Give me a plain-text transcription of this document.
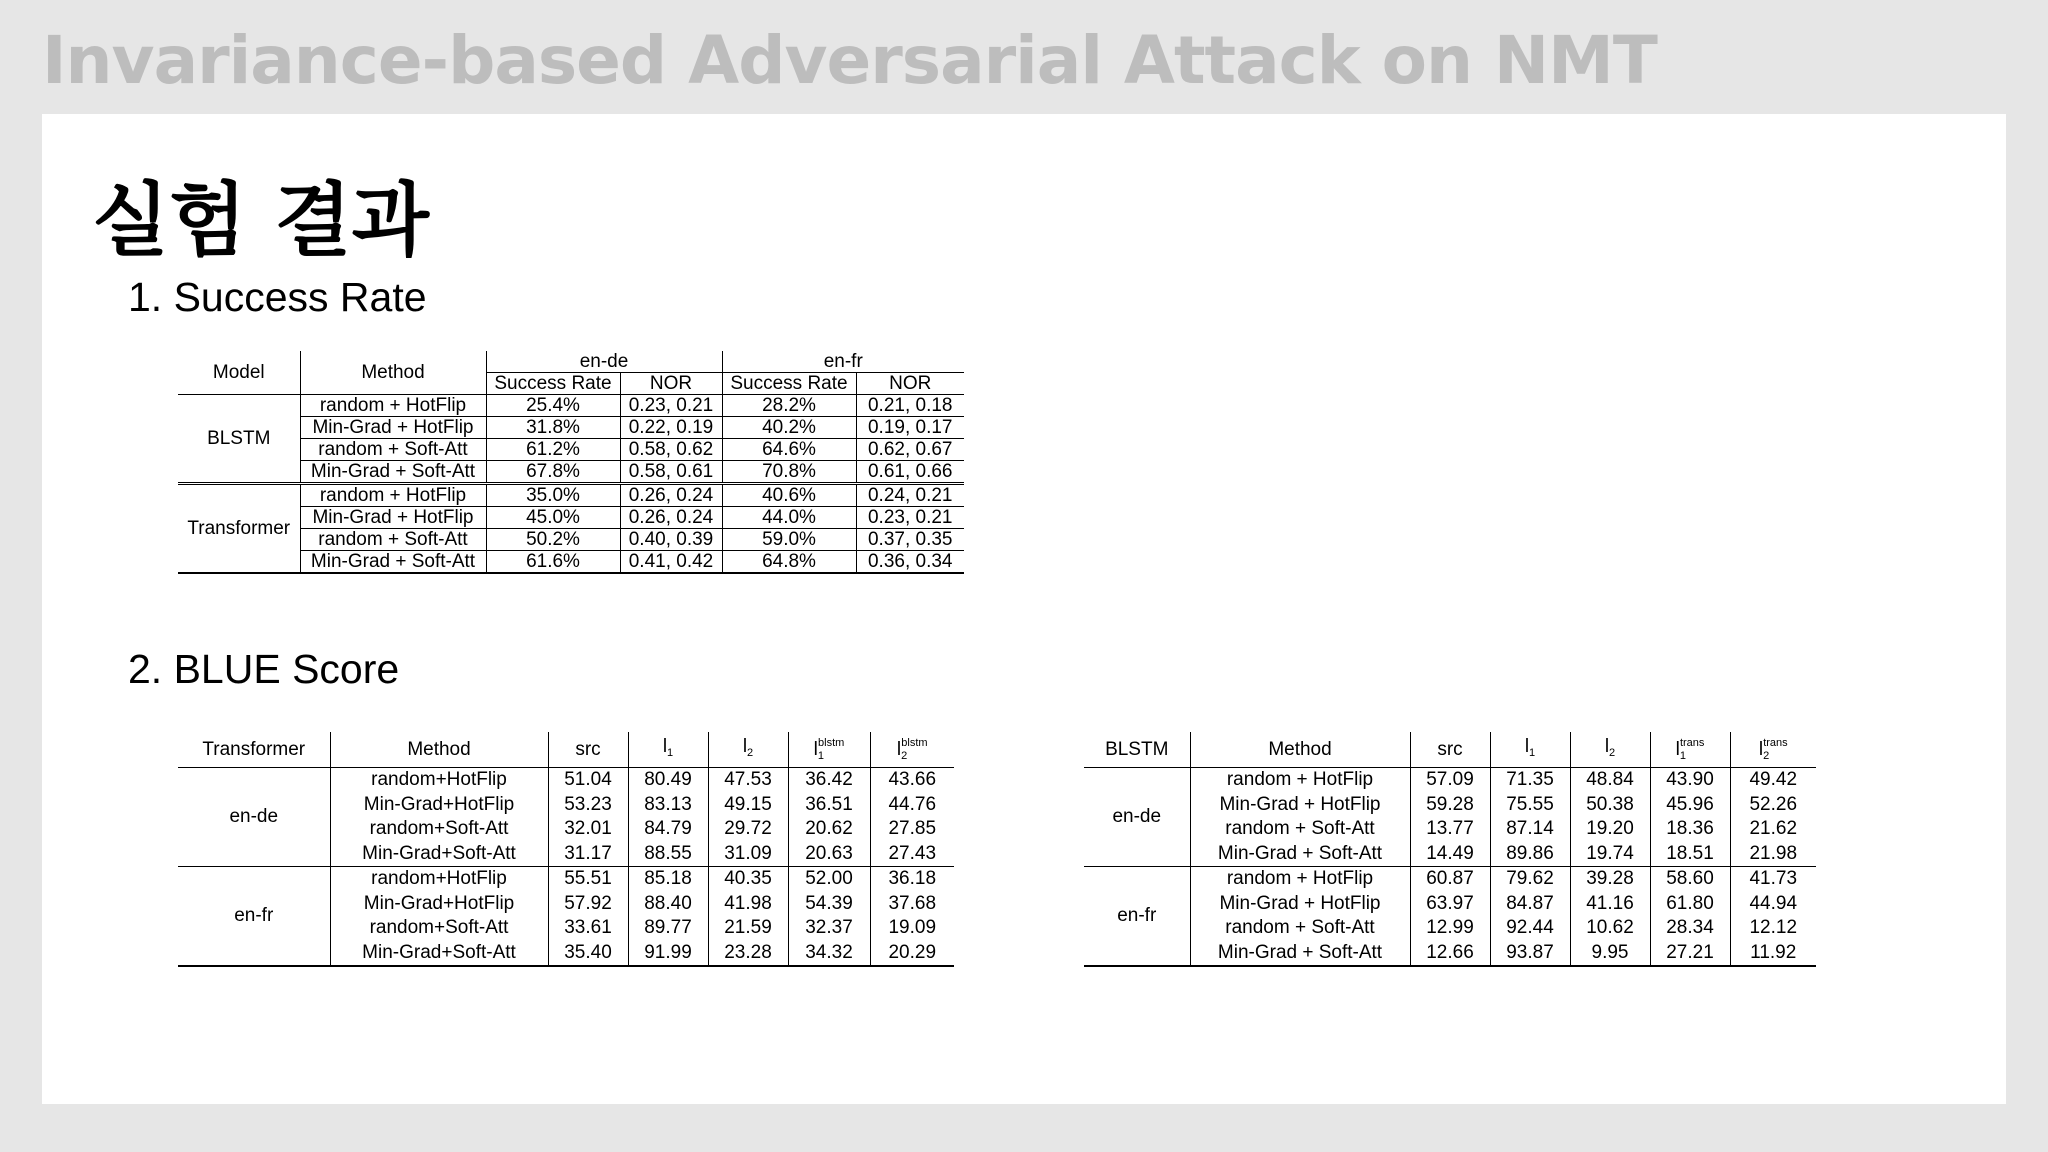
Invariance-based Adversarial Attack on NMT
실험 결과
1. Success Rate
2. BLUE Score
Model	Method	en-de		en-fr	
		Success Rate	NOR	Success Rate	NOR
BLSTM	random + HotFlip	25.4%	0.23, 0.21	28.2%	0.21, 0.18
	Min-Grad + HotFlip	31.8%	0.22, 0.19	40.2%	0.19, 0.17
	random + Soft-Att	61.2%	0.58, 0.62	64.6%	0.62, 0.67
	Min-Grad + Soft-Att	67.8%	0.58, 0.61	70.8%	0.61, 0.66
Transformer	random + HotFlip	35.0%	0.26, 0.24	40.6%	0.24, 0.21
	Min-Grad + HotFlip	45.0%	0.26, 0.24	44.0%	0.23, 0.21
	random + Soft-Att	50.2%	0.40, 0.39	59.0%	0.37, 0.35
	Min-Grad + Soft-Att	61.6%	0.41, 0.42	64.8%	0.36, 0.34
Transformer	Method	src	$l_1$	$l_2$	$l_1^{blstm}$	$l_2^{blstm}$
en-de	random+HotFlip	51.04	80.49	47.53	36.42	43.66
	Min-Grad+HotFlip	53.23	83.13	49.15	36.51	44.76
	random+Soft-Att	32.01	84.79	29.72	20.62	27.85
	Min-Grad+Soft-Att	31.17	88.55	31.09	20.63	27.43
en-fr	random+HotFlip	55.51	85.18	40.35	52.00	36.18
	Min-Grad+HotFlip	57.92	88.40	41.98	54.39	37.68
	random+Soft-Att	33.61	89.77	21.59	32.37	19.09
	Min-Grad+Soft-Att	35.40	91.99	23.28	34.32	20.29
BLSTM	Method	src	$l_1$	$l_2$	$l_1^{trans}$	$l_2^{trans}$
en-de	random + HotFlip	57.09	71.35	48.84	43.90	49.42
	Min-Grad + HotFlip	59.28	75.55	50.38	45.96	52.26
	random + Soft-Att	13.77	87.14	19.20	18.36	21.62
	Min-Grad + Soft-Att	14.49	89.86	19.74	18.51	21.98
en-fr	random + HotFlip	60.87	79.62	39.28	58.60	41.73
	Min-Grad + HotFlip	63.97	84.87	41.16	61.80	44.94
	random + Soft-Att	12.99	92.44	10.62	28.34	12.12
	Min-Grad + Soft-Att	12.66	93.87	9.95	27.21	11.92
